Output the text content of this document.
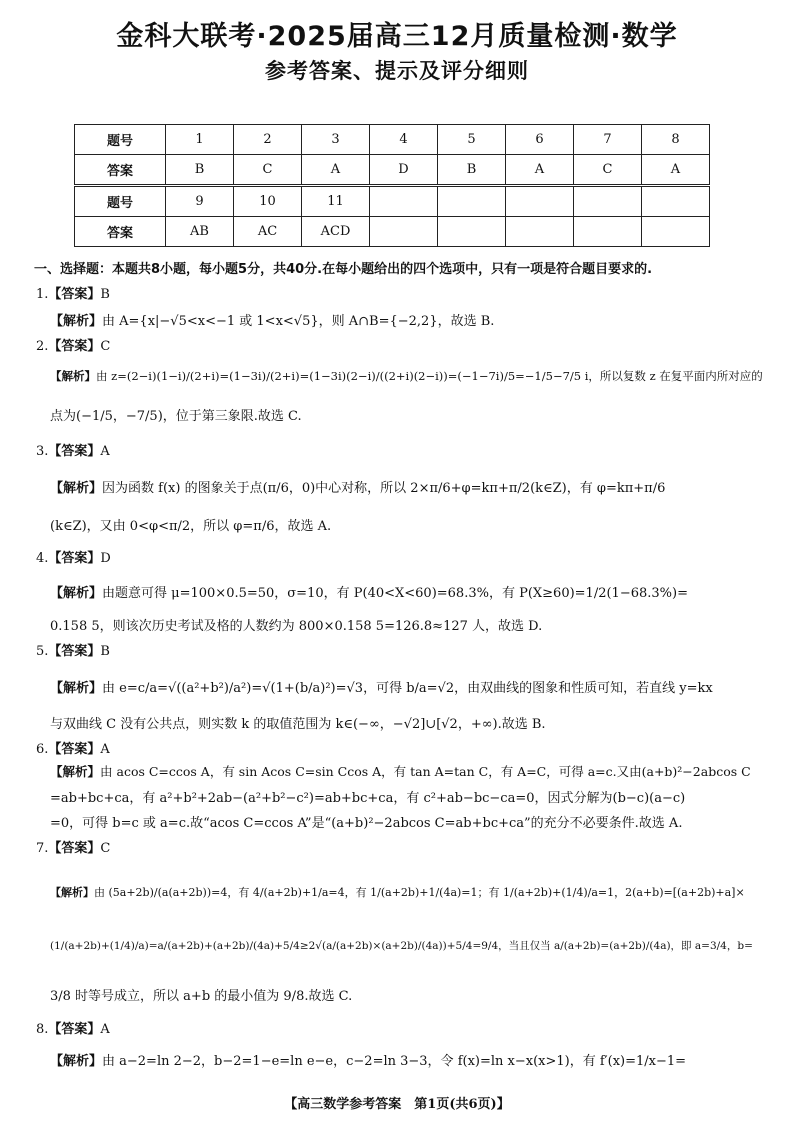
金科大联考·2025届高三12月质量检测·数学
参考答案、提示及评分细则
题号	1	2	3	4	5	6	7	8
答案	B	C	A	D	B	A	C	A
题号	9	10	11					
答案	AB	AC	ACD					
一、选择题：本题共8小题，每小题5分，共40分.在每小题给出的四个选项中，只有一项是符合题目要求的.
1.【答案】B
【解析】由 A={x|−√5<x<−1 或 1<x<√5}，则 A∩B={−2,2}，故选 B.
2.【答案】C
【解析】由 z=(2−i)(1−i)/(2+i)=(1−3i)/(2+i)=(1−3i)(2−i)/((2+i)(2−i))=(−1−7i)/5=−1/5−7/5 i，所以复数 z 在复平面内所对应的
点为(−1/5，−7/5)，位于第三象限.故选 C.
3.【答案】A
【解析】因为函数 f(x) 的图象关于点(π/6，0)中心对称，所以 2×π/6+φ=kπ+π/2(k∈Z)，有 φ=kπ+π/6
(k∈Z)，又由 0<φ<π/2，所以 φ=π/6，故选 A.
4.【答案】D
【解析】由题意可得 μ=100×0.5=50，σ=10，有 P(40<X<60)=68.3%，有 P(X≥60)=1/2(1−68.3%)=
0.158 5，则该次历史考试及格的人数约为 800×0.158 5=126.8≈127 人，故选 D.
5.【答案】B
【解析】由 e=c/a=√((a²+b²)/a²)=√(1+(b/a)²)=√3，可得 b/a=√2，由双曲线的图象和性质可知，若直线 y=kx
与双曲线 C 没有公共点，则实数 k 的取值范围为 k∈(−∞，−√2]∪[√2，+∞).故选 B.
6.【答案】A
【解析】由 acos C=ccos A，有 sin Acos C=sin Ccos A，有 tan A=tan C，有 A=C，可得 a=c.又由(a+b)²−2abcos C
=ab+bc+ca，有 a²+b²+2ab−(a²+b²−c²)=ab+bc+ca，有 c²+ab−bc−ca=0，因式分解为(b−c)(a−c)
=0，可得 b=c 或 a=c.故“acos C=ccos A”是“(a+b)²−2abcos C=ab+bc+ca”的充分不必要条件.故选 A.
7.【答案】C
【解析】由 (5a+2b)/(a(a+2b))=4，有 4/(a+2b)+1/a=4，有 1/(a+2b)+1/(4a)=1；有 1/(a+2b)+(1/4)/a=1，2(a+b)=[(a+2b)+a]×
(1/(a+2b)+(1/4)/a)=a/(a+2b)+(a+2b)/(4a)+5/4≥2√(a/(a+2b)×(a+2b)/(4a))+5/4=9/4，当且仅当 a/(a+2b)=(a+2b)/(4a)，即 a=3/4，b=
3/8 时等号成立，所以 a+b 的最小值为 9/8.故选 C.
8.【答案】A
【解析】由 a−2=ln 2−2，b−2=1−e=ln e−e，c−2=ln 3−3，令 f(x)=ln x−x(x>1)，有 f′(x)=1/x−1=
【高三数学参考答案　第1页(共6页)】
